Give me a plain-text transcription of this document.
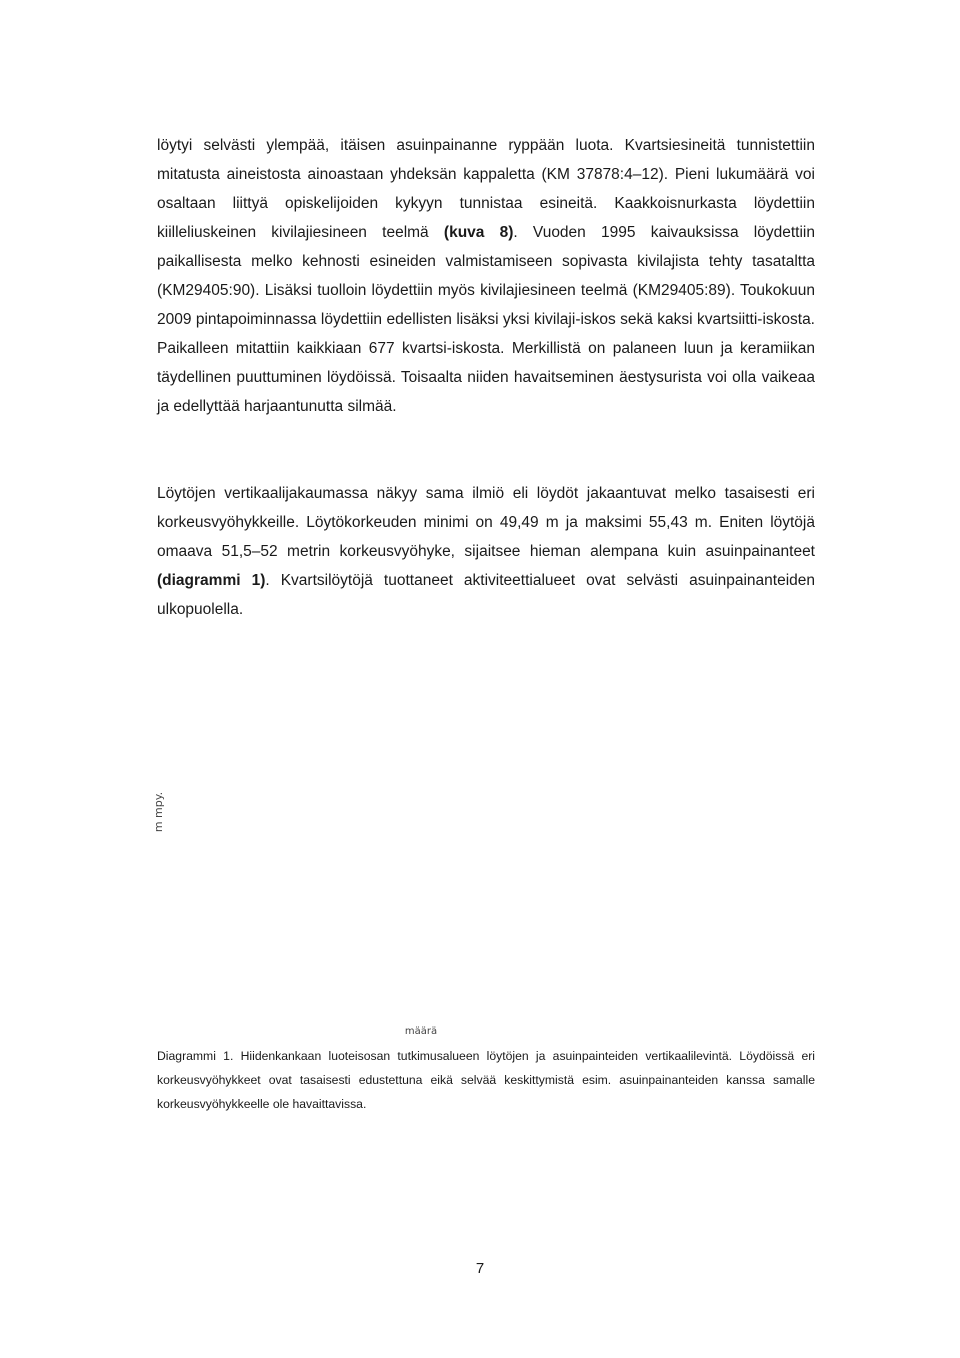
löytyi selvästi ylempää, itäisen asuinpainanne ryppään luota. Kvartsiesineitä tunnistettiin mitatusta aineistosta ainoastaan yhdeksän kappaletta (KM 37878:4–12). Pieni lukumäärä voi osaltaan liittyä opiskelijoiden kykyyn tunnistaa esineitä. Kaakkoisnurkasta löydettiin kiilleliuskeinen kivilajiesineen teelmä (kuva 8). Vuoden 1995 kaivauksissa löydettiin paikallisesta melko kehnosti esineiden valmistamiseen sopivasta kivilajista tehty tasataltta (KM29405:90). Lisäksi tuolloin löydettiin myös kivilajiesineen teelmä (KM29405:89). Toukokuun 2009 pintapoiminnassa löydettiin edellisten lisäksi yksi kivilaji-iskos sekä kaksi kvartsiitti-iskosta. Paikalleen mitattiin kaikkiaan 677 kvartsi-iskosta. Merkillistä on palaneen luun ja keramiikan täydellinen puuttuminen löydöissä. Toisaalta niiden havaitseminen äestysurista voi olla vaikeaa ja edellyttää harjaantunutta silmää.

Löytöjen vertikaalijakaumassa näkyy sama ilmiö eli löydöt jakaantuvat melko tasaisesti eri korkeusvyöhykkeille. Löytökorkeuden minimi on 49,49 m ja maksimi 55,43 m. Eniten löytöjä omaava 51,5–52 metrin korkeusvyöhyke, sijaitsee hieman alempana kuin asuinpainanteet (diagrammi 1). Kvartsilöytöjä tuottaneet aktiviteettialueet ovat selvästi asuinpainanteiden ulkopuolella.

m mpy.
määrä

Diagrammi 1. Hiidenkankaan luoteisosan tutkimusalueen löytöjen ja asuinpainteiden vertikaalilevintä. Löydöissä eri korkeusvyöhykkeet ovat tasaisesti edustettuna eikä selvää keskittymistä esim. asuinpainanteiden kanssa samalle korkeusvyöhykkeelle ole havaittavissa.

7
